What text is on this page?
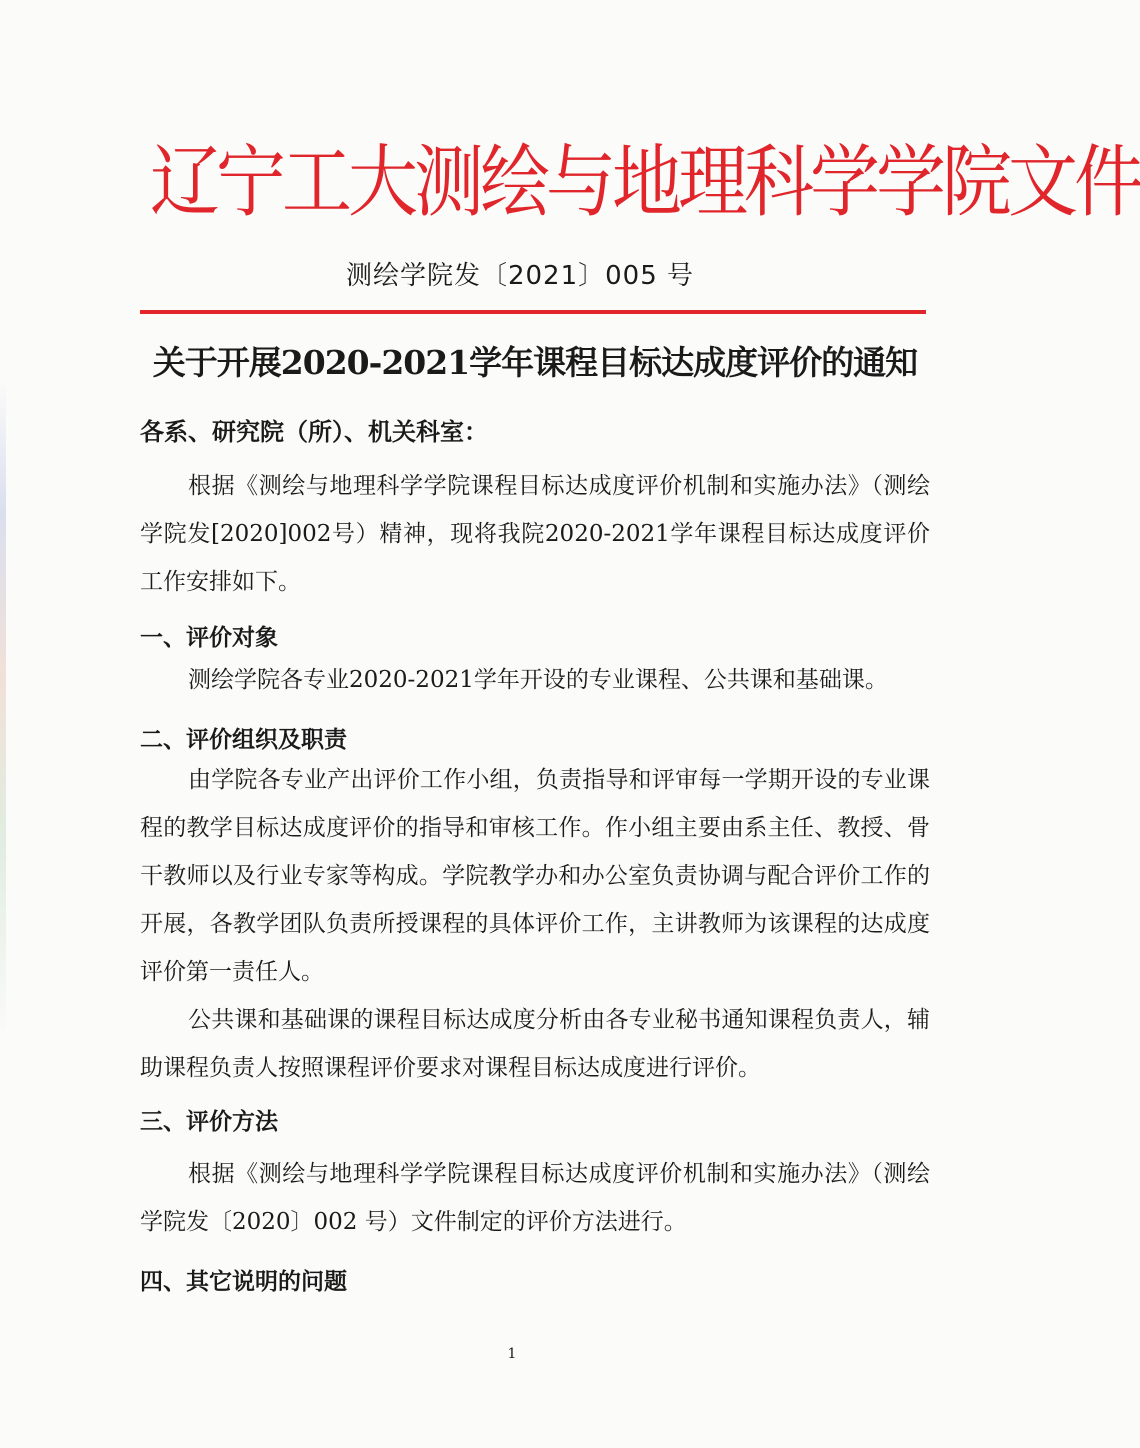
辽宁工大测绘与地理科学学院文件
测绘学院发〔2021〕005 号
关于开展2020-2021学年课程目标达成度评价的通知
各系、研究院（所）、机关科室：

根据《测绘与地理科学学院课程目标达成度评价机制和实施办法》（测绘学院发[2020]002号）精神，现将我院2020-2021学年课程目标达成度评价工作安排如下。

一、评价对象

测绘学院各专业2020-2021学年开设的专业课程、公共课和基础课。

二、评价组织及职责

由学院各专业产出评价工作小组，负责指导和评审每一学期开设的专业课程的教学目标达成度评价的指导和审核工作。作小组主要由系主任、教授、骨干教师以及行业专家等构成。学院教学办和办公室负责协调与配合评价工作的开展，各教学团队负责所授课程的具体评价工作，主讲教师为该课程的达成度评价第一责任人。

公共课和基础课的课程目标达成度分析由各专业秘书通知课程负责人，辅助课程负责人按照课程评价要求对课程目标达成度进行评价。

三、评价方法

根据《测绘与地理科学学院课程目标达成度评价机制和实施办法》（测绘学院发〔2020〕002 号）文件制定的评价方法进行。

四、其它说明的问题
1
